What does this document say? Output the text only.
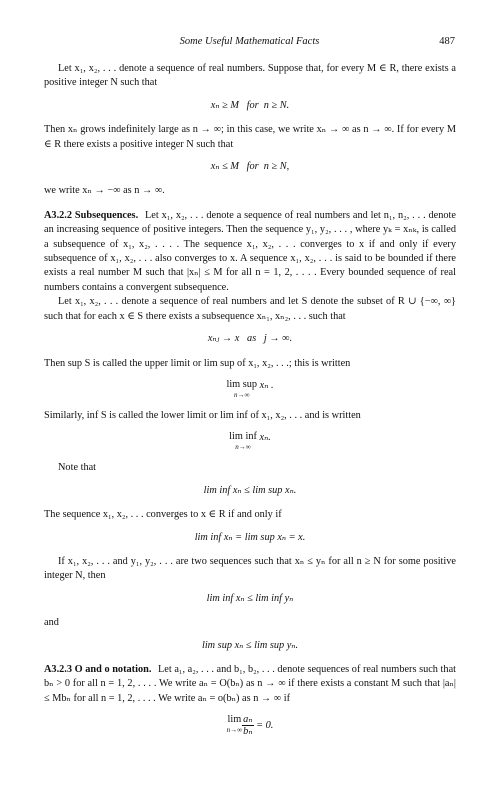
Some Useful Mathematical Facts	487

Let x₁, x₂, . . . denote a sequence of real numbers. Suppose that, for every M ∈ R, there exists a positive integer N such that

xₙ ≥ M   for  n ≥ N.

Then xₙ grows indefinitely large as n → ∞; in this case, we write xₙ → ∞ as n → ∞. If for every M ∈ R there exists a positive integer N such that

xₙ ≤ M   for  n ≥ N,

we write xₙ → −∞ as n → ∞.

A3.2.2 Subsequences. Let x₁, x₂, . . . denote a sequence of real numbers and let n₁, n₂, . . . denote an increasing sequence of positive integers. Then the sequence y₁, y₂, . . . , where yₖ = xₙₖ, is called a subsequence of x₁, x₂, . . . . The sequence x₁, x₂, . . . converges to x if and only if every subsequence of x₁, x₂, . . . also converges to x. A sequence x₁, x₂, . . . is said to be bounded if there exists a real number M such that |xₙ| ≤ M for all n = 1, 2, . . . . Every bounded sequence of real numbers contains a convergent subsequence.

Let x₁, x₂, . . . denote a sequence of real numbers and let S denote the subset of R ∪ {−∞, ∞} such that for each x ∈ S there exists a subsequence xₙ₁, xₙ₂, . . . such that

xₙⱼ → x   as   j → ∞.

Then sup S is called the upper limit or lim sup of x₁, x₂, . . .; this is written

lim sup
n→∞
xₙ .

Similarly, inf S is called the lower limit or lim inf of x₁, x₂, . . . and is written

lim inf
n→∞
xₙ.

Note that

lim inf xₙ ≤ lim sup xₙ.

The sequence x₁, x₂, . . . converges to x ∈ R if and only if

lim inf xₙ = lim sup xₙ = x.

If x₁, x₂, . . . and y₁, y₂, . . . are two sequences such that xₙ ≤ yₙ for all n ≥ N for some positive integer N, then

lim inf xₙ ≤ lim inf yₙ

and

lim sup xₙ ≤ lim sup yₙ.

A3.2.3 O and o notation. Let a₁, a₂, . . . and b₁, b₂, . . . denote sequences of real numbers such that bₙ > 0 for all n = 1, 2, . . . . We write aₙ = O(bₙ) as n → ∞ if there exists a constant M such that |aₙ| ≤ Mbₙ for all n = 1, 2, . . . . We write aₙ = o(bₙ) as n → ∞ if

lim
$n\to\infty \frac{\text{aₙ}}{\text{bₙ}} = 0$.
